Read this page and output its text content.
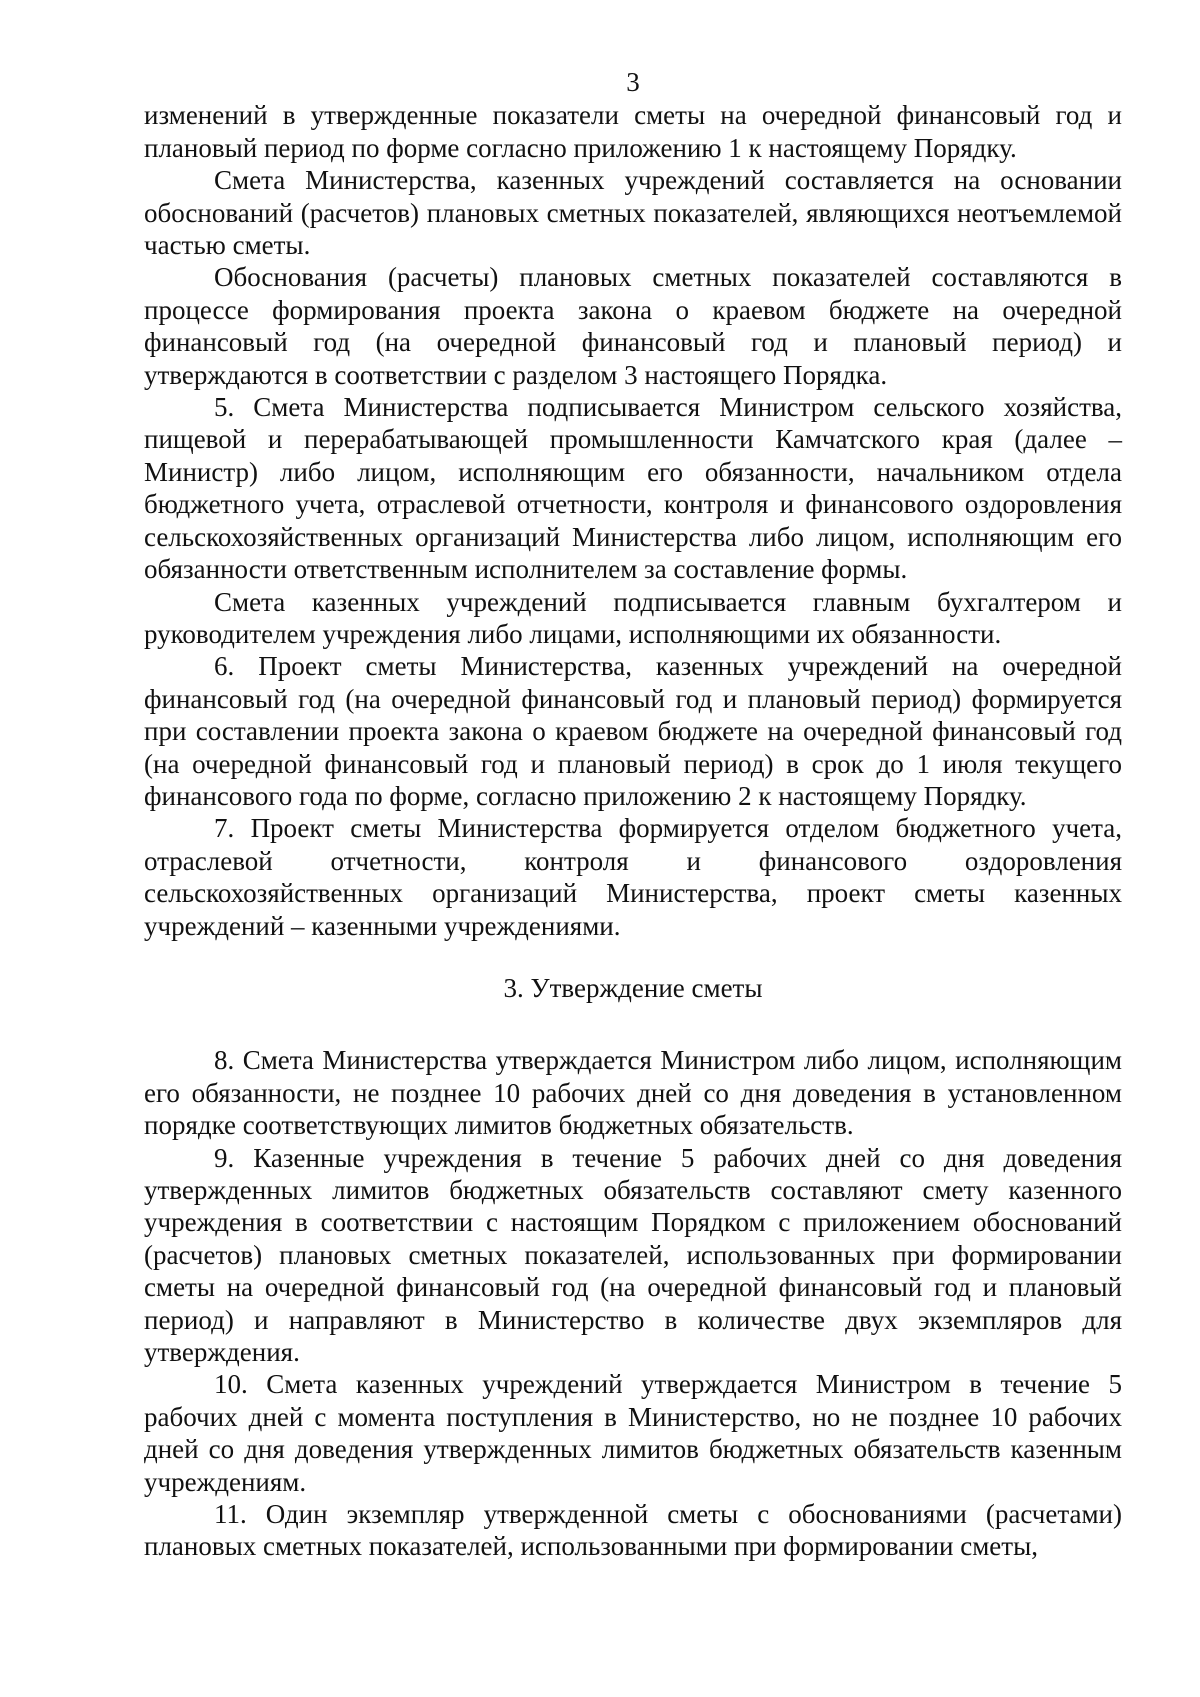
3

изменений в утвержденные показатели сметы на очередной финансовый год и плановый период по форме согласно приложению 1 к настоящему Порядку.

Смета Министерства, казенных учреждений составляется на основании обоснований (расчетов) плановых сметных показателей, являющихся неотъемлемой частью сметы.

Обоснования (расчеты) плановых сметных показателей составляются в процессе формирования проекта закона о краевом бюджете на очередной финансовый год (на очередной финансовый год и плановый период) и утверждаются в соответствии с разделом 3 настоящего Порядка.

5. Смета Министерства подписывается Министром сельского хозяйства, пищевой и перерабатывающей промышленности Камчатского края (далее – Министр) либо лицом, исполняющим его обязанности, начальником отдела бюджетного учета, отраслевой отчетности, контроля и финансового оздоровления сельскохозяйственных организаций Министерства либо лицом, исполняющим его обязанности ответственным исполнителем за составление формы.

Смета казенных учреждений подписывается главным бухгалтером и руководителем учреждения либо лицами, исполняющими их обязанности.

6. Проект сметы Министерства, казенных учреждений на очередной финансовый год (на очередной финансовый год и плановый период) формируется при составлении проекта закона о краевом бюджете на очередной финансовый год (на очередной финансовый год и плановый период) в срок до 1 июля текущего финансового года по форме, согласно приложению 2 к настоящему Порядку.

7. Проект сметы Министерства формируется отделом бюджетного учета, отраслевой отчетности, контроля и финансового оздоровления сельскохозяйственных организаций Министерства, проект сметы казенных учреждений – казенными учреждениями.

3. Утверждение сметы

8. Смета Министерства утверждается Министром либо лицом, исполняющим его обязанности, не позднее 10 рабочих дней со дня доведения в установленном порядке соответствующих лимитов бюджетных обязательств.

9. Казенные учреждения в течение 5 рабочих дней со дня доведения утвержденных лимитов бюджетных обязательств составляют смету казенного учреждения в соответствии с настоящим Порядком с приложением обоснований (расчетов) плановых сметных показателей, использованных при формировании сметы на очередной финансовый год (на очередной финансовый год и плановый период) и направляют в Министерство в количестве двух экземпляров для утверждения.

10. Смета казенных учреждений утверждается Министром в течение 5 рабочих дней с момента поступления в Министерство, но не позднее 10 рабочих дней со дня доведения утвержденных лимитов бюджетных обязательств казенным учреждениям.

11. Один экземпляр утвержденной сметы с обоснованиями (расчетами) плановых сметных показателей, использованными при формировании сметы,
